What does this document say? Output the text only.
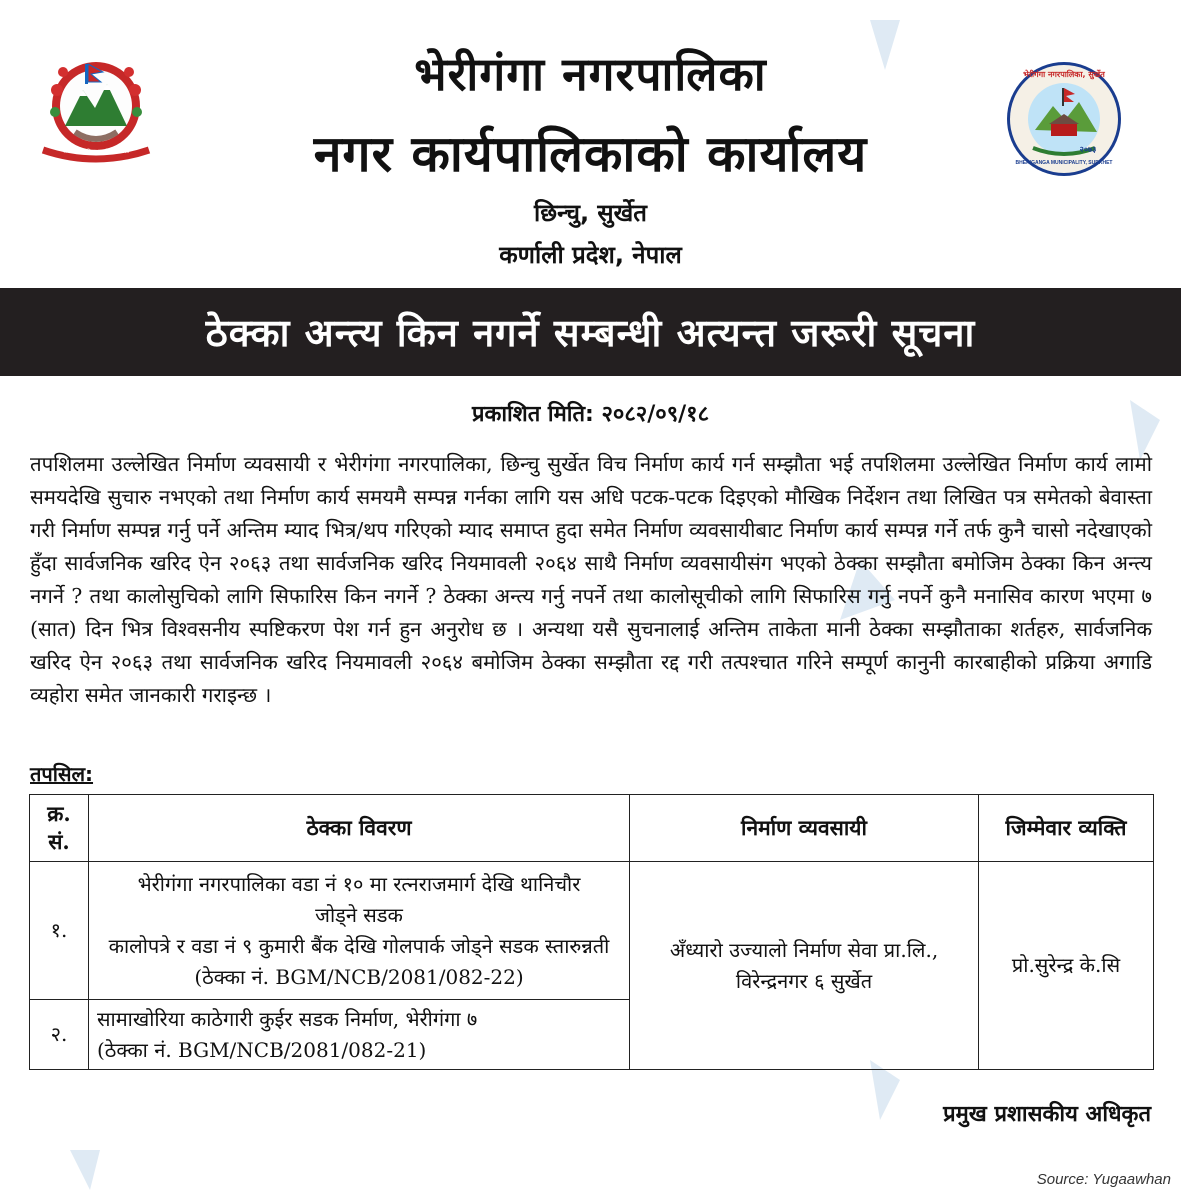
जननी जन्मभूमिश्च स्वर्गादपि गरीयसी
भेरीगंगा नगरपालिका, सुर्खेत
२०७३
BHERIGANGA MUNICIPALITY, SURKHET
भेरीगंगा नगरपालिका
नगर कार्यपालिकाको कार्यालय
छिन्चु, सुर्खेत
कर्णाली प्रदेश, नेपाल
ठेक्का अन्त्य किन नगर्ने सम्बन्धी अत्यन्त जरूरी सूचना
प्रकाशित मिति: २०८२/०९/१८
तपशिलमा उल्लेखित निर्माण व्यवसायी र भेरीगंगा नगरपालिका, छिन्चु सुर्खेत विच निर्माण कार्य गर्न सम्झौता भई तपशिलमा उल्लेखित निर्माण कार्य लामो समयदेखि सुचारु नभएको तथा निर्माण कार्य समयमै सम्पन्न गर्नका लागि यस अधि पटक-पटक दिइएको मौखिक निर्देशन तथा लिखित पत्र समेतको बेवास्ता गरी निर्माण सम्पन्न गर्नु पर्ने अन्तिम म्याद भित्र/थप गरिएको म्याद समाप्त हुदा समेत निर्माण व्यवसायीबाट निर्माण कार्य सम्पन्न गर्ने तर्फ कुनै चासो नदेखाएको हुँदा सार्वजनिक खरिद ऐन २०६३ तथा सार्वजनिक खरिद नियमावली २०६४ साथै निर्माण व्यवसायीसंग भएको ठेक्का सम्झौता बमोजिम ठेक्का किन अन्त्य नगर्ने ? तथा कालोसुचिको लागि सिफारिस किन नगर्ने ? ठेक्का अन्त्य गर्नु नपर्ने तथा कालोसूचीको लागि सिफारिस गर्नु नपर्ने कुनै मनासिव कारण भएमा ७ (सात) दिन भित्र विश्वसनीय स्पष्टिकरण पेश गर्न हुन अनुरोध छ । अन्यथा यसै सुचनालाई अन्तिम ताकेता मानी ठेक्का सम्झौताका शर्तहरु, सार्वजनिक खरिद ऐन २०६३ तथा सार्वजनिक खरिद नियमावली २०६४ बमोजिम ठेक्का सम्झौता रद्द गरी तत्पश्चात गरिने सम्पूर्ण कानुनी कारबाहीको प्रक्रिया अगाडि व्यहोरा समेत जानकारी गराइन्छ ।
तपसिल:
क्र. सं.	ठेक्का विवरण	निर्माण व्यवसायी	जिम्मेवार व्यक्ति
१.	भेरीगंगा नगरपालिका वडा नं १० मा रत्नराजमार्ग देखि थानिचौर जोड्ने सडक
कालोपत्रे र वडा नं ९ कुमारी बैंक देखि गोलपार्क जोड्ने सडक स्तारुन्नती (ठेक्का नं. BGM/NCB/2081/082-22)	अँध्यारो उज्यालो निर्माण सेवा प्रा.लि., विरेन्द्रनगर ६ सुर्खेत	प्रो.सुरेन्द्र के.सि
२.	सामाखोरिया काठेगारी कुईर सडक निर्माण, भेरीगंगा ७
(ठेक्का नं. BGM/NCB/2081/082-21)		
प्रमुख प्रशासकीय अधिकृत
Source: Yugaawhan
